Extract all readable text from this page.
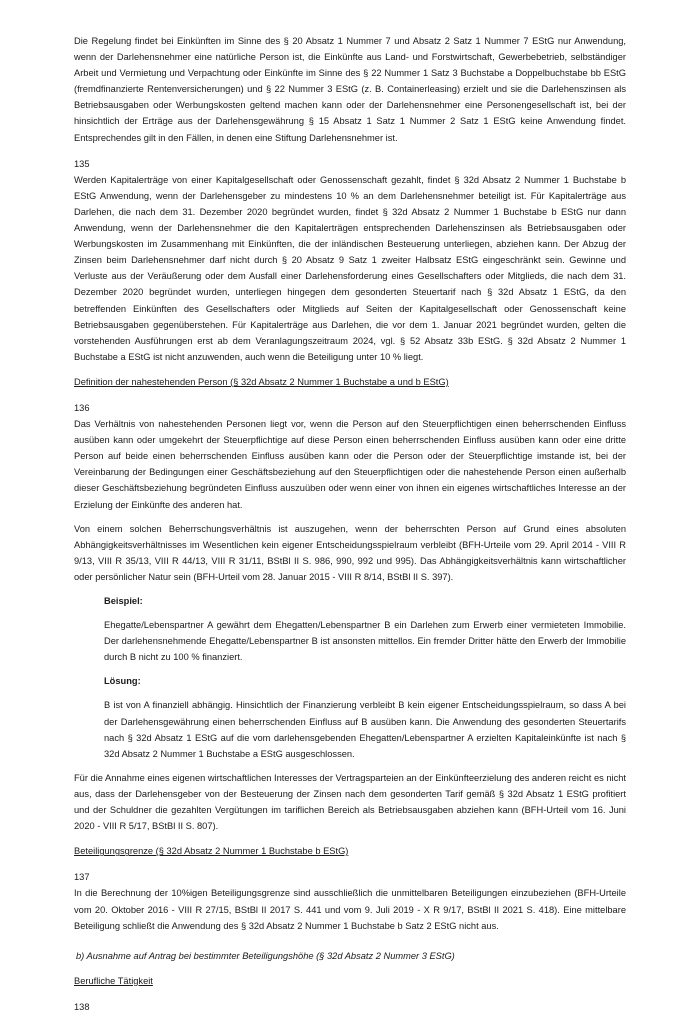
Die Regelung findet bei Einkünften im Sinne des § 20 Absatz 1 Nummer 7 und Absatz 2 Satz 1 Nummer 7 EStG nur Anwendung, wenn der Darlehensnehmer eine natürliche Person ist, die Einkünfte aus Land- und Forstwirtschaft, Gewerbebetrieb, selbständiger Arbeit und Vermietung und Verpachtung oder Einkünfte im Sinne des § 22 Nummer 1 Satz 3 Buchstabe a Doppelbuchstabe bb EStG (fremdfinanzierte Rentenversicherungen) und § 22 Nummer 3 EStG (z. B. Containerleasing) erzielt und sie die Darlehenszinsen als Betriebsausgaben oder Werbungskosten geltend machen kann oder der Darlehensnehmer eine Personengesellschaft ist, bei der hinsichtlich der Erträge aus der Darlehensgewährung § 15 Absatz 1 Satz 1 Nummer 2 Satz 1 EStG keine Anwendung findet. Entsprechendes gilt in den Fällen, in denen eine Stiftung Darlehensnehmer ist.

135

Werden Kapitalerträge von einer Kapitalgesellschaft oder Genossenschaft gezahlt, findet § 32d Absatz 2 Nummer 1 Buchstabe b EStG Anwendung, wenn der Darlehensgeber zu mindestens 10 % an dem Darlehensnehmer beteiligt ist. Für Kapitalerträge aus Darlehen, die nach dem 31. Dezember 2020 begründet wurden, findet § 32d Absatz 2 Nummer 1 Buchstabe b EStG nur dann Anwendung, wenn der Darlehensnehmer die den Kapitalerträgen entsprechenden Darlehenszinsen als Betriebsausgaben oder Werbungskosten im Zusammenhang mit Einkünften, die der inländischen Besteuerung unterliegen, abziehen kann. Der Abzug der Zinsen beim Darlehensnehmer darf nicht durch § 20 Absatz 9 Satz 1 zweiter Halbsatz EStG eingeschränkt sein. Gewinne und Verluste aus der Veräußerung oder dem Ausfall einer Darlehensforderung eines Gesellschafters oder Mitglieds, die nach dem 31. Dezember 2020 begründet wurden, unterliegen hingegen dem gesonderten Steuertarif nach § 32d Absatz 1 EStG, da den betreffenden Einkünften des Gesellschafters oder Mitglieds auf Seiten der Kapitalgesellschaft oder Genossenschaft keine Betriebsausgaben gegenüberstehen. Für Kapitalerträge aus Darlehen, die vor dem 1. Januar 2021 begründet wurden, gelten die vorstehenden Ausführungen erst ab dem Veranlagungszeitraum 2024, vgl. § 52 Absatz 33b EStG. § 32d Absatz 2 Nummer 1 Buchstabe a EStG ist nicht anzuwenden, auch wenn die Beteiligung unter 10 % liegt.

Definition der nahestehenden Person (§ 32d Absatz 2 Nummer 1 Buchstabe a und b EStG)

136

Das Verhältnis von nahestehenden Personen liegt vor, wenn die Person auf den Steuerpflichtigen einen beherrschenden Einfluss ausüben kann oder umgekehrt der Steuerpflichtige auf diese Person einen beherrschenden Einfluss ausüben kann oder eine dritte Person auf beide einen beherrschenden Einfluss ausüben kann oder die Person oder der Steuerpflichtige imstande ist, bei der Vereinbarung der Bedingungen einer Geschäftsbeziehung auf den Steuerpflichtigen oder die nahestehende Person einen außerhalb dieser Geschäftsbeziehung begründeten Einfluss auszuüben oder wenn einer von ihnen ein eigenes wirtschaftliches Interesse an der Erzielung der Einkünfte des anderen hat.

Von einem solchen Beherrschungsverhältnis ist auszugehen, wenn der beherrschten Person auf Grund eines absoluten Abhängigkeitsverhältnisses im Wesentlichen kein eigener Entscheidungsspielraum verbleibt (BFH-Urteile vom 29. April 2014 - VIII R 9/13, VIII R 35/13, VIII R 44/13, VIII R 31/11, BStBl II S. 986, 990, 992 und 995). Das Abhängigkeitsverhältnis kann wirtschaftlicher oder persönlicher Natur sein (BFH-Urteil vom 28. Januar 2015 - VIII R 8/14, BStBl II S. 397).

Beispiel:

Ehegatte/Lebenspartner A gewährt dem Ehegatten/Lebenspartner B ein Darlehen zum Erwerb einer vermieteten Immobilie. Der darlehensnehmende Ehegatte/Lebenspartner B ist ansonsten mittellos. Ein fremder Dritter hätte den Erwerb der Immobilie durch B nicht zu 100 % finanziert.

Lösung:

B ist von A finanziell abhängig. Hinsichtlich der Finanzierung verbleibt B kein eigener Entscheidungsspielraum, so dass A bei der Darlehensgewährung einen beherrschenden Einfluss auf B ausüben kann. Die Anwendung des gesonderten Steuertarifs nach § 32d Absatz 1 EStG auf die vom darlehensgebenden Ehegatten/Lebenspartner A erzielten Kapitaleinkünfte ist nach § 32d Absatz 2 Nummer 1 Buchstabe a EStG ausgeschlossen.

Für die Annahme eines eigenen wirtschaftlichen Interesses der Vertragsparteien an der Einkünfteerzielung des anderen reicht es nicht aus, dass der Darlehensgeber von der Besteuerung der Zinsen nach dem gesonderten Tarif gemäß § 32d Absatz 1 EStG profitiert und der Schuldner die gezahlten Vergütungen im tariflichen Bereich als Betriebsausgaben abziehen kann (BFH-Urteil vom 16. Juni 2020 - VIII R 5/17, BStBl II S. 807).

Beteiligungsgrenze (§ 32d Absatz 2 Nummer 1 Buchstabe b EStG)

137

In die Berechnung der 10%igen Beteiligungsgrenze sind ausschließlich die unmittelbaren Beteiligungen einzubeziehen (BFH-Urteile vom 20. Oktober 2016 - VIII R 27/15, BStBl II 2017 S. 441 und vom 9. Juli 2019 - X R 9/17, BStBl II 2021 S. 418). Eine mittelbare Beteiligung schließt die Anwendung des § 32d Absatz 2 Nummer 1 Buchstabe b Satz 2 EStG nicht aus.

b) Ausnahme auf Antrag bei bestimmter Beteiligungshöhe (§ 32d Absatz 2 Nummer 3 EStG)

Berufliche Tätigkeit

138
